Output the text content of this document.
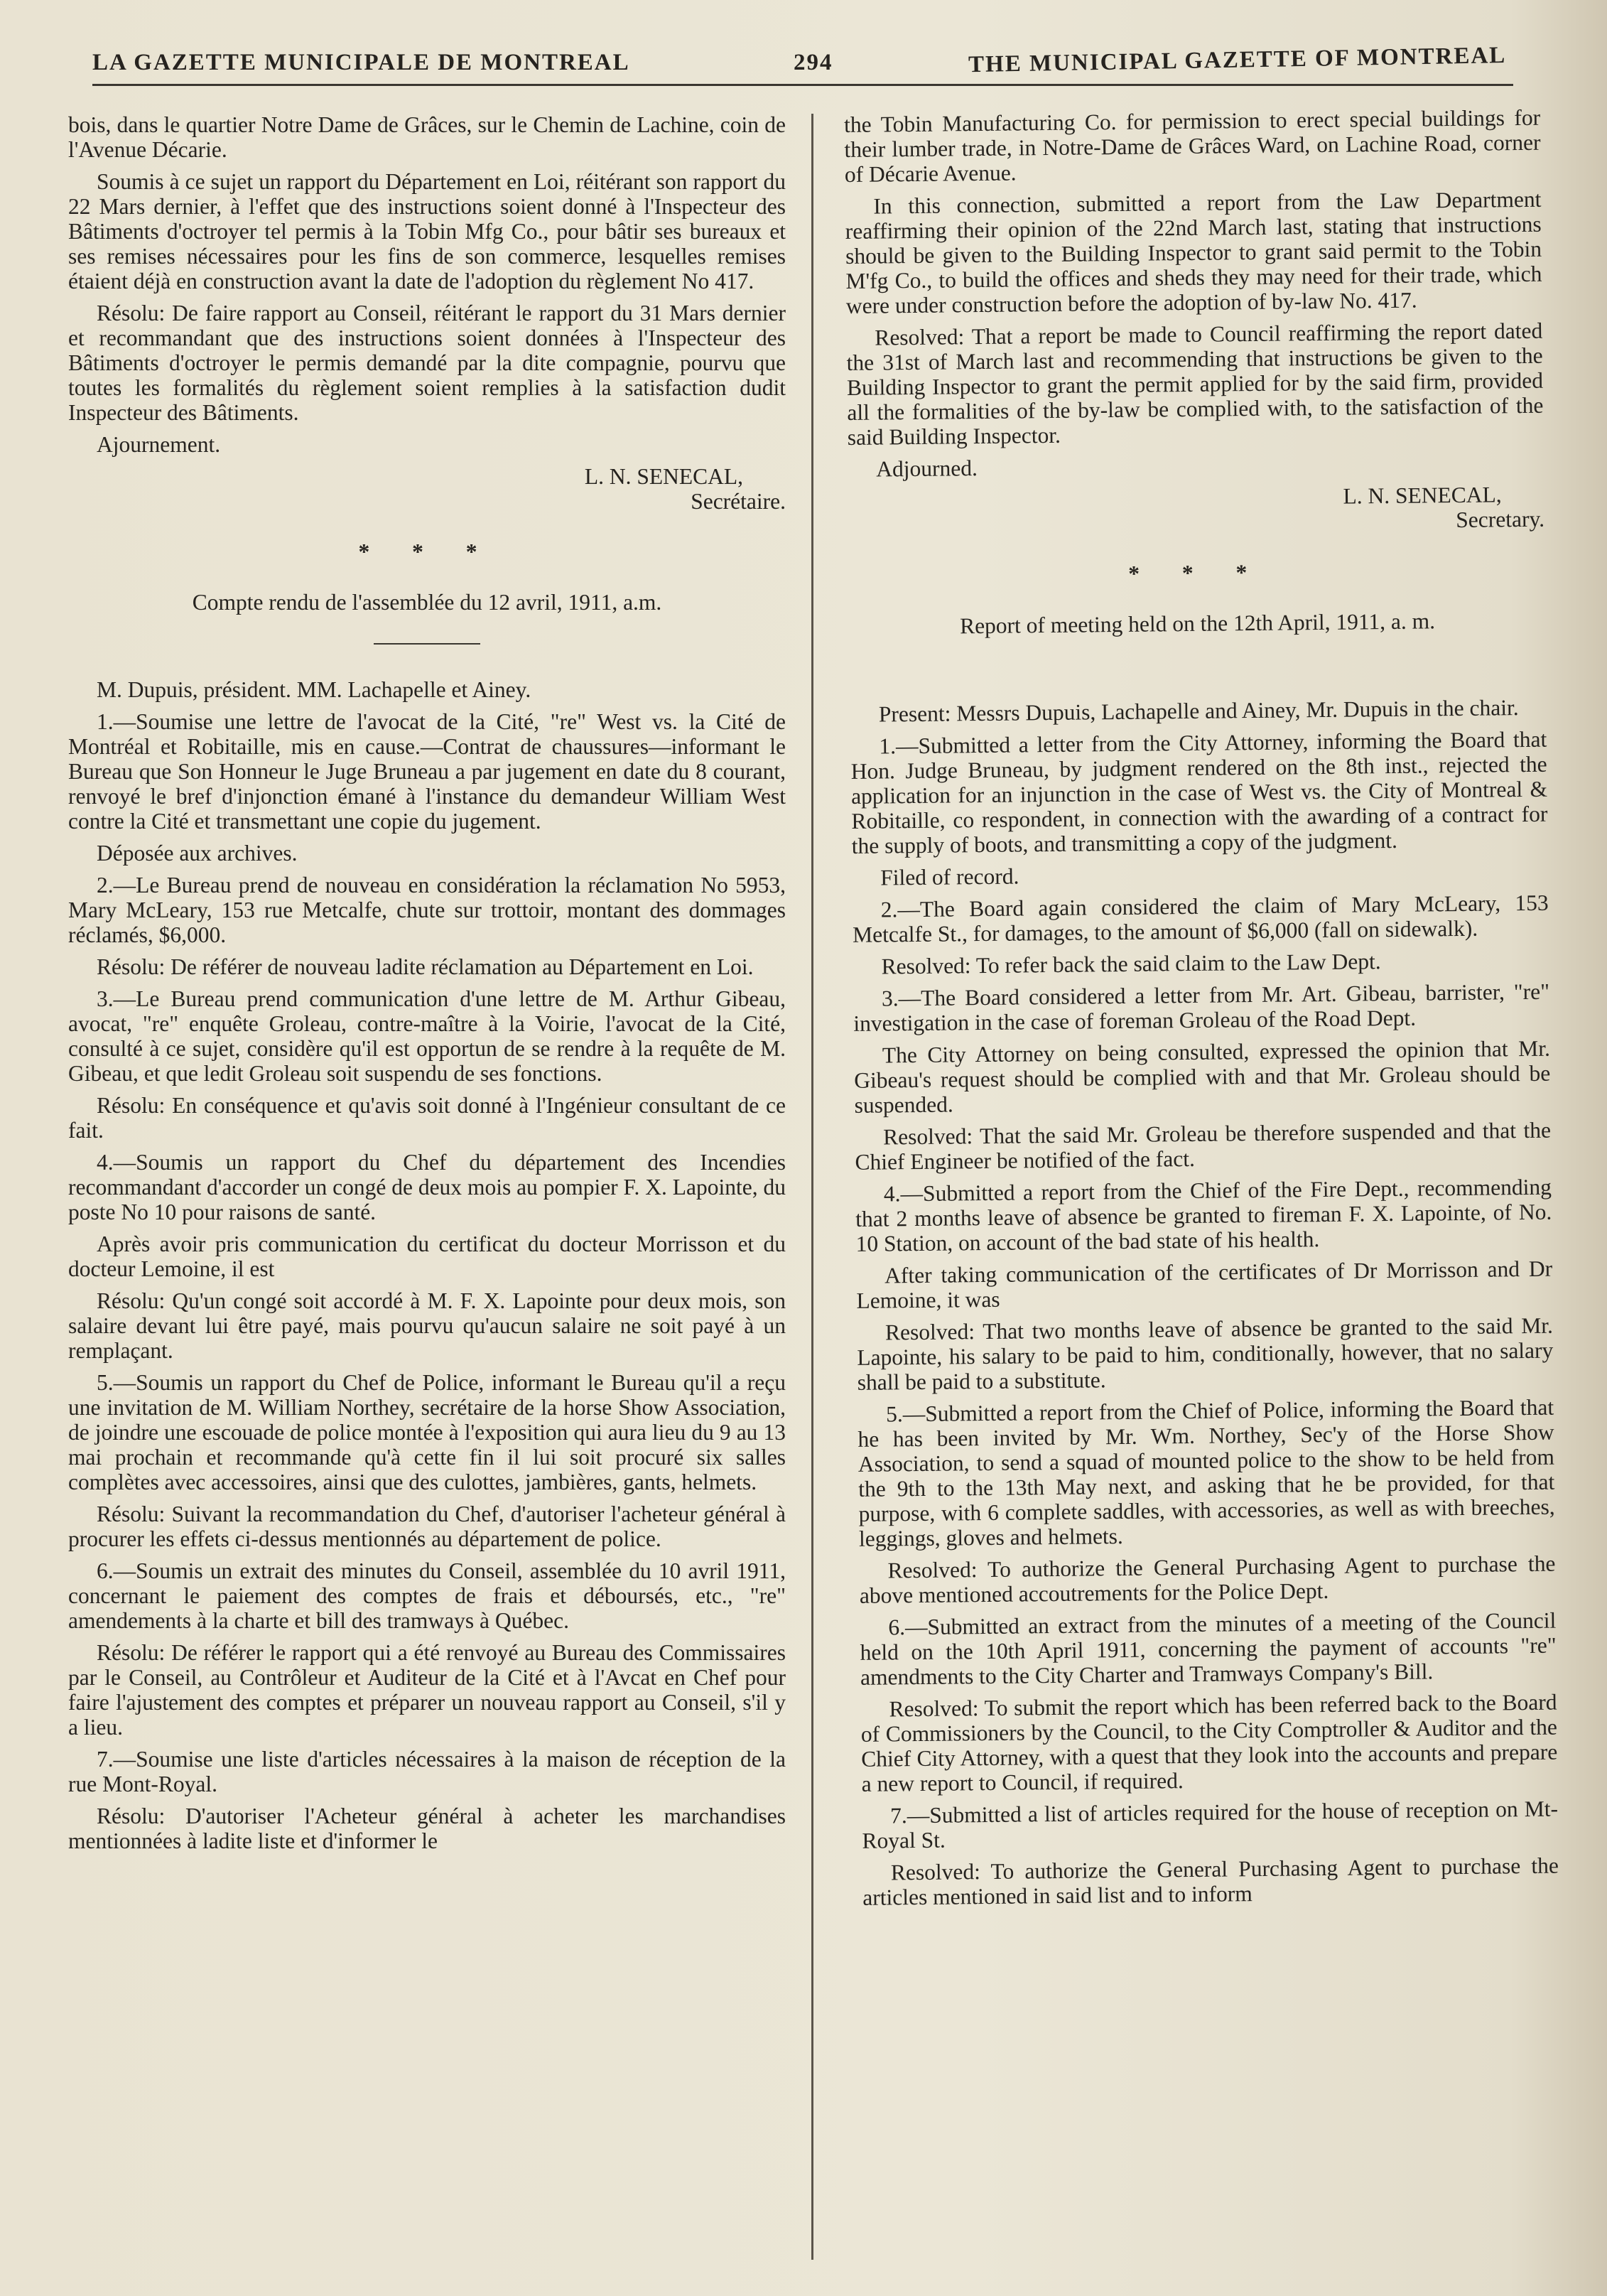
LA GAZETTE MUNICIPALE DE MONTREAL	294	THE MUNICIPAL GAZETTE OF MONTREAL

bois, dans le quartier Notre Dame de Grâces, sur le Chemin de Lachine, coin de l'Avenue Décarie.

Soumis à ce sujet un rapport du Département en Loi, réitérant son rapport du 22 Mars dernier, à l'effet que des instructions soient donné à l'Inspecteur des Bâtiments d'octroyer tel permis à la Tobin Mfg Co., pour bâtir ses bureaux et ses remises nécessaires pour les fins de son commerce, lesquelles remises étaient déjà en construction avant la date de l'adoption du règlement No 417.

Résolu: De faire rapport au Conseil, réitérant le rapport du 31 Mars dernier et recommandant que des instructions soient données à l'Inspecteur des Bâtiments d'octroyer le permis demandé par la dite compagnie, pourvu que toutes les formalités du règlement soient remplies à la satisfaction dudit Inspecteur des Bâtiments.

Ajournement.

L. N. SENECAL,
Secrétaire.
* * *
Compte rendu de l'assemblée du 12 avril, 1911, a.m.

M. Dupuis, président. MM. Lachapelle et Ainey.

1.—Soumise une lettre de l'avocat de la Cité, "re" West vs. la Cité de Montréal et Robitaille, mis en cause.—Contrat de chaussures—informant le Bureau que Son Honneur le Juge Bruneau a par jugement en date du 8 courant, renvoyé le bref d'injonction émané à l'instance du demandeur William West contre la Cité et transmettant une copie du jugement.

Déposée aux archives.

2.—Le Bureau prend de nouveau en considération la réclamation No 5953, Mary McLeary, 153 rue Metcalfe, chute sur trottoir, montant des dommages réclamés, $6,000.

Résolu: De référer de nouveau ladite réclamation au Département en Loi.

3.—Le Bureau prend communication d'une lettre de M. Arthur Gibeau, avocat, "re" enquête Groleau, contre-maître à la Voirie, l'avocat de la Cité, consulté à ce sujet, considère qu'il est opportun de se rendre à la requête de M. Gibeau, et que ledit Groleau soit suspendu de ses fonctions.

Résolu: En conséquence et qu'avis soit donné à l'Ingénieur consultant de ce fait.

4.—Soumis un rapport du Chef du département des Incendies recommandant d'accorder un congé de deux mois au pompier F. X. Lapointe, du poste No 10 pour raisons de santé.

Après avoir pris communication du certificat du docteur Morrisson et du docteur Lemoine, il est

Résolu: Qu'un congé soit accordé à M. F. X. Lapointe pour deux mois, son salaire devant lui être payé, mais pourvu qu'aucun salaire ne soit payé à un remplaçant.

5.—Soumis un rapport du Chef de Police, informant le Bureau qu'il a reçu une invitation de M. William Northey, secrétaire de la horse Show Association, de joindre une escouade de police montée à l'exposition qui aura lieu du 9 au 13 mai prochain et recommande qu'à cette fin il lui soit procuré six salles complètes avec accessoires, ainsi que des culottes, jambières, gants, helmets.

Résolu: Suivant la recommandation du Chef, d'autoriser l'acheteur général à procurer les effets ci-dessus mentionnés au département de police.

6.—Soumis un extrait des minutes du Conseil, assemblée du 10 avril 1911, concernant le paiement des comptes de frais et déboursés, etc., "re" amendements à la charte et bill des tramways à Québec.

Résolu: De référer le rapport qui a été renvoyé au Bureau des Commissaires par le Conseil, au Contrôleur et Auditeur de la Cité et à l'Avcat en Chef pour faire l'ajustement des comptes et préparer un nouveau rapport au Conseil, s'il y a lieu.

7.—Soumise une liste d'articles nécessaires à la maison de réception de la rue Mont-Royal.

Résolu: D'autoriser l'Acheteur général à acheter les marchandises mentionnées à ladite liste et d'informer le

the Tobin Manufacturing Co. for permission to erect special buildings for their lumber trade, in Notre-Dame de Grâces Ward, on Lachine Road, corner of Décarie Avenue.

In this connection, submitted a report from the Law Department reaffirming their opinion of the 22nd March last, stating that instructions should be given to the Building Inspector to grant said permit to the Tobin M'fg Co., to build the offices and sheds they may need for their trade, which were under construction before the adoption of by-law No. 417.

Resolved: That a report be made to Council reaffirming the report dated the 31st of March last and recommending that instructions be given to the Building Inspector to grant the permit applied for by the said firm, provided all the formalities of the by-law be complied with, to the satisfaction of the said Building Inspector.

Adjourned.

L. N. SENECAL,
Secretary.
* * *
Report of meeting held on the 12th April, 1911, a. m.

Present: Messrs Dupuis, Lachapelle and Ainey, Mr. Dupuis in the chair.

1.—Submitted a letter from the City Attorney, informing the Board that Hon. Judge Bruneau, by judgment rendered on the 8th inst., rejected the application for an injunction in the case of West vs. the City of Montreal & Robitaille, co respondent, in connection with the awarding of a contract for the supply of boots, and transmitting a copy of the judgment.

Filed of record.

2.—The Board again considered the claim of Mary McLeary, 153 Metcalfe St., for damages, to the amount of $6,000 (fall on sidewalk).

Resolved: To refer back the said claim to the Law Dept.

3.—The Board considered a letter from Mr. Art. Gibeau, barrister, "re" investigation in the case of foreman Groleau of the Road Dept.

The City Attorney on being consulted, expressed the opinion that Mr. Gibeau's request should be complied with and that Mr. Groleau should be suspended.

Resolved: That the said Mr. Groleau be therefore suspended and that the Chief Engineer be notified of the fact.

4.—Submitted a report from the Chief of the Fire Dept., recommending that 2 months leave of absence be granted to fireman F. X. Lapointe, of No. 10 Station, on account of the bad state of his health.

After taking communication of the certificates of Dr Morrisson and Dr Lemoine, it was

Resolved: That two months leave of absence be granted to the said Mr. Lapointe, his salary to be paid to him, conditionally, however, that no salary shall be paid to a substitute.

5.—Submitted a report from the Chief of Police, informing the Board that he has been invited by Mr. Wm. Northey, Sec'y of the Horse Show Association, to send a squad of mounted police to the show to be held from the 9th to the 13th May next, and asking that he be provided, for that purpose, with 6 complete saddles, with accessories, as well as with breeches, leggings, gloves and helmets.

Resolved: To authorize the General Purchasing Agent to purchase the above mentioned accoutrements for the Police Dept.

6.—Submitted an extract from the minutes of a meeting of the Council held on the 10th April 1911, concerning the payment of accounts "re" amendments to the City Charter and Tramways Company's Bill.

Resolved: To submit the report which has been referred back to the Board of Commissioners by the Council, to the City Comptroller & Auditor and the Chief City Attorney, with a quest that they look into the accounts and prepare a new report to Council, if required.

7.—Submitted a list of articles required for the house of reception on Mt-Royal St.

Resolved: To authorize the General Purchasing Agent to purchase the articles mentioned in said list and to inform
